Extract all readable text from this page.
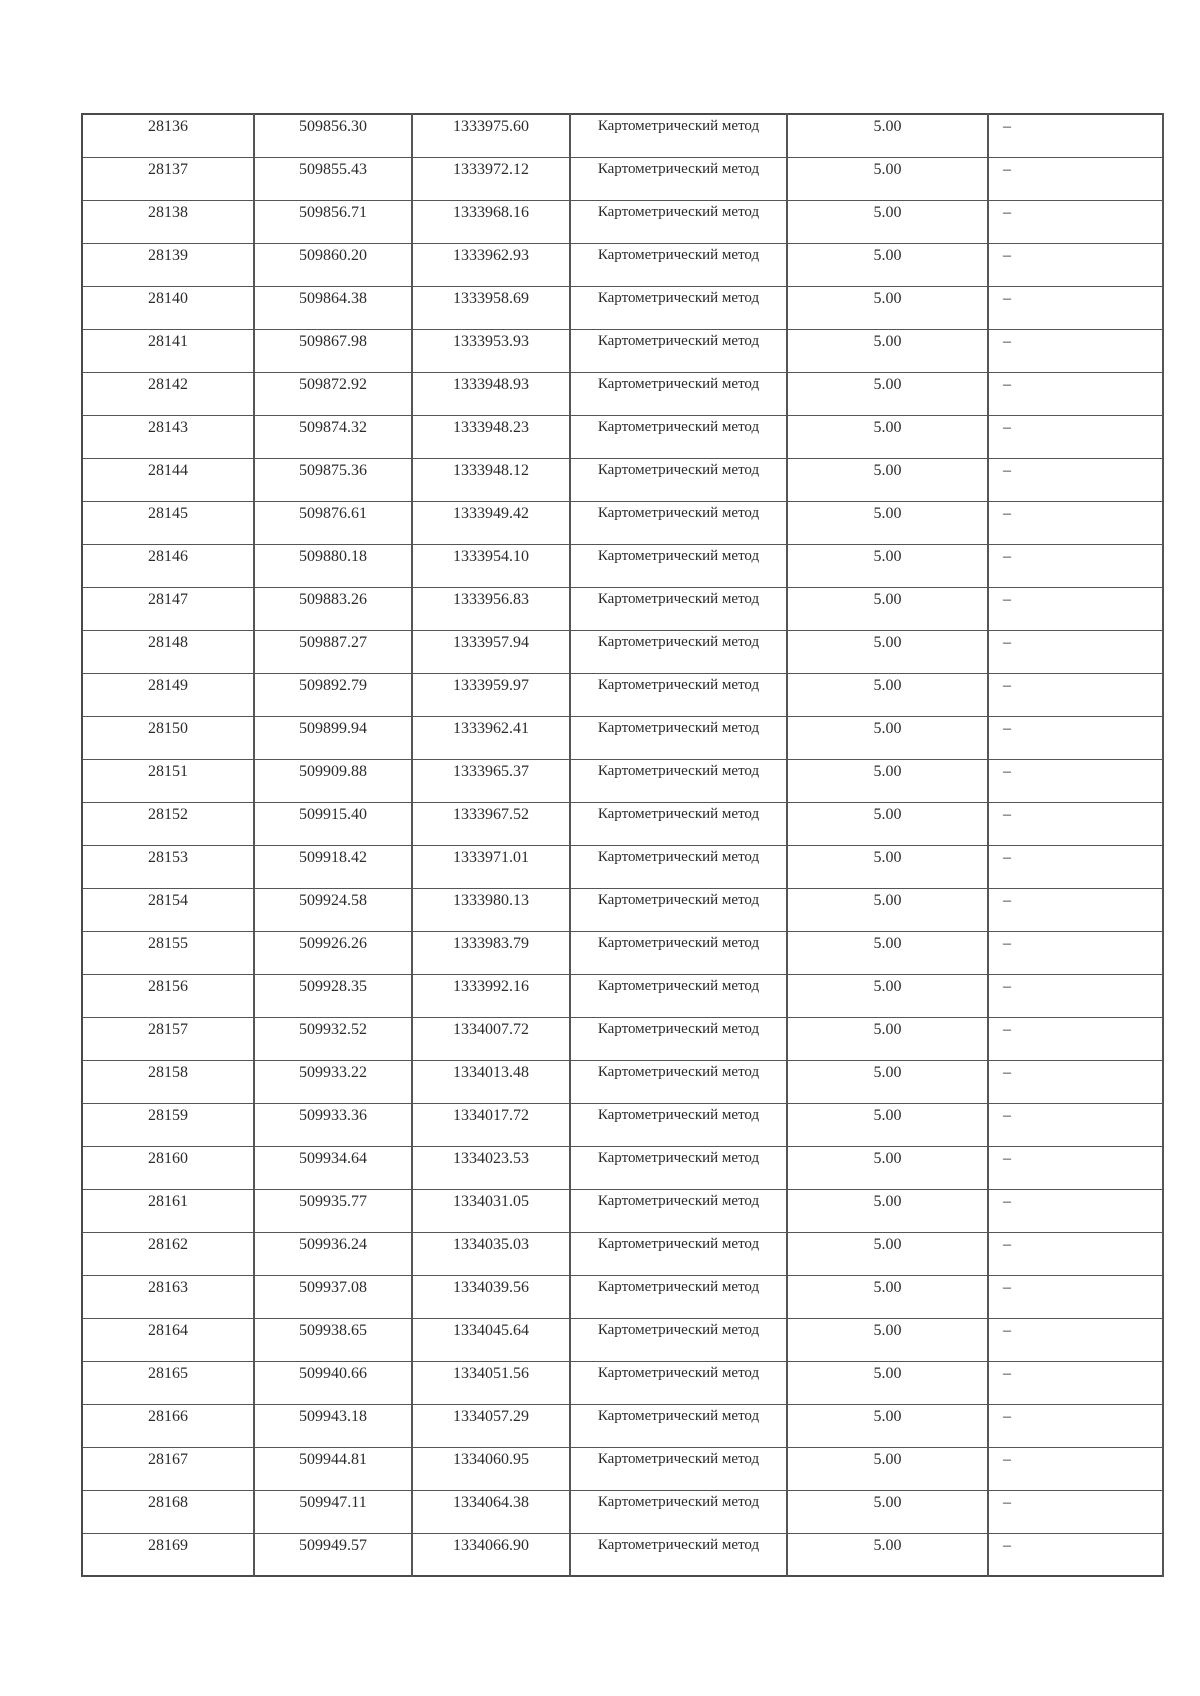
28136	509856.30	1333975.60	Картометрический метод	5.00	–
28137	509855.43	1333972.12	Картометрический метод	5.00	–
28138	509856.71	1333968.16	Картометрический метод	5.00	–
28139	509860.20	1333962.93	Картометрический метод	5.00	–
28140	509864.38	1333958.69	Картометрический метод	5.00	–
28141	509867.98	1333953.93	Картометрический метод	5.00	–
28142	509872.92	1333948.93	Картометрический метод	5.00	–
28143	509874.32	1333948.23	Картометрический метод	5.00	–
28144	509875.36	1333948.12	Картометрический метод	5.00	–
28145	509876.61	1333949.42	Картометрический метод	5.00	–
28146	509880.18	1333954.10	Картометрический метод	5.00	–
28147	509883.26	1333956.83	Картометрический метод	5.00	–
28148	509887.27	1333957.94	Картометрический метод	5.00	–
28149	509892.79	1333959.97	Картометрический метод	5.00	–
28150	509899.94	1333962.41	Картометрический метод	5.00	–
28151	509909.88	1333965.37	Картометрический метод	5.00	–
28152	509915.40	1333967.52	Картометрический метод	5.00	–
28153	509918.42	1333971.01	Картометрический метод	5.00	–
28154	509924.58	1333980.13	Картометрический метод	5.00	–
28155	509926.26	1333983.79	Картометрический метод	5.00	–
28156	509928.35	1333992.16	Картометрический метод	5.00	–
28157	509932.52	1334007.72	Картометрический метод	5.00	–
28158	509933.22	1334013.48	Картометрический метод	5.00	–
28159	509933.36	1334017.72	Картометрический метод	5.00	–
28160	509934.64	1334023.53	Картометрический метод	5.00	–
28161	509935.77	1334031.05	Картометрический метод	5.00	–
28162	509936.24	1334035.03	Картометрический метод	5.00	–
28163	509937.08	1334039.56	Картометрический метод	5.00	–
28164	509938.65	1334045.64	Картометрический метод	5.00	–
28165	509940.66	1334051.56	Картометрический метод	5.00	–
28166	509943.18	1334057.29	Картометрический метод	5.00	–
28167	509944.81	1334060.95	Картометрический метод	5.00	–
28168	509947.11	1334064.38	Картометрический метод	5.00	–
28169	509949.57	1334066.90	Картометрический метод	5.00	–
